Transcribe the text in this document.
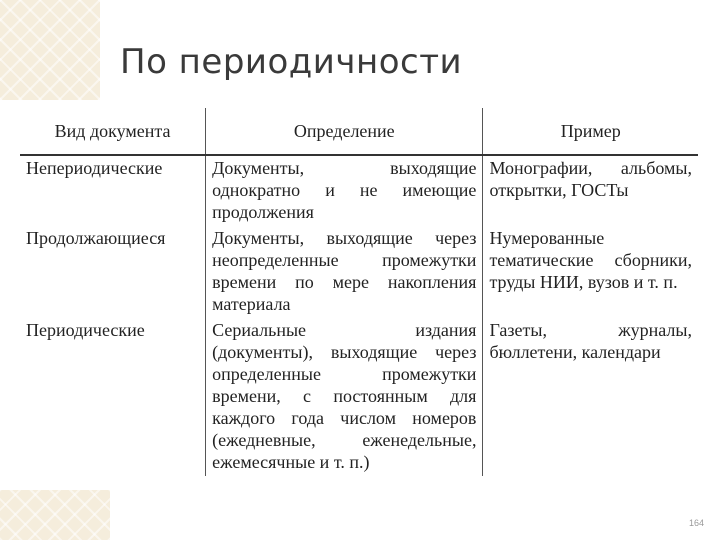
По периодичности
Вид документа	Определение	Пример
Непериодические	Документы, выходящие однократно и не имеющие продолжения	Монографии, альбомы, открытки, ГОСТы
Продолжающиеся	Документы, выходящие через неопределенные промежутки времени по мере накопления материала	Нумерованные тематические сборники, труды НИИ, вузов и т. п.
Периодические	Сериальные издания (документы), выходящие через определенные промежутки времени, с постоянным для каждого года числом номеров (ежедневные, еженедельные, ежемесячные и т. п.)	Газеты, журналы, бюллетени, календари
164
